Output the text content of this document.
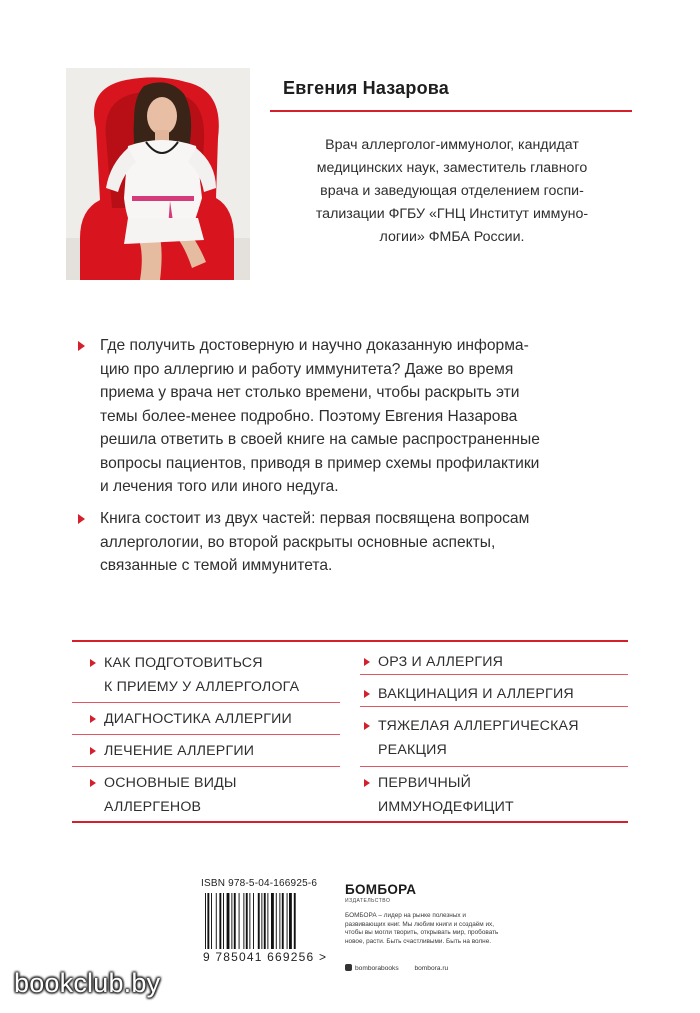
Евгения Назарова
Врач аллерголог-иммунолог, кандидат
медицинских наук, заместитель главного
врача и заведующая отделением госпи-
тализации ФГБУ «ГНЦ Институт иммуно-
логии» ФМБА России.
Где получить достоверную и научно доказанную информа-
цию про аллергию и работу иммунитета? Даже во время
приема у врача нет столько времени, чтобы раскрыть эти
темы более-менее подробно. Поэтому Евгения Назарова
решила ответить в своей книге на самые распространенные
вопросы пациентов, приводя в пример схемы профилактики
и лечения того или иного недуга.
Книга состоит из двух частей: первая посвящена вопросам
аллергологии, во второй раскрыты основные аспекты,
связанные с темой иммунитета.
КАК ПОДГОТОВИТЬСЯ
К ПРИЕМУ У АЛЛЕРГОЛОГА
ДИАГНОСТИКА АЛЛЕРГИИ
ЛЕЧЕНИЕ АЛЛЕРГИИ
ОСНОВНЫЕ ВИДЫ
АЛЛЕРГЕНОВ
ОРЗ И АЛЛЕРГИЯ
ВАКЦИНАЦИЯ И АЛЛЕРГИЯ
ТЯЖЕЛАЯ АЛЛЕРГИЧЕСКАЯ
РЕАКЦИЯ
ПЕРВИЧНЫЙ
ИММУНОДЕФИЦИТ
ISBN 978-5-04-166925-6
9 785041 669256 >
БОМБОРА
ИЗДАТЕЛЬСТВО
БОМБОРА – лидер на рынке полезных и развивающих книг. Мы любим книги и создаём их, чтобы вы могли творить, открывать мир, пробовать новое, расти. Быть счастливыми. Быть на волне.
bomborabooks bombora.ru
bookclub.by
